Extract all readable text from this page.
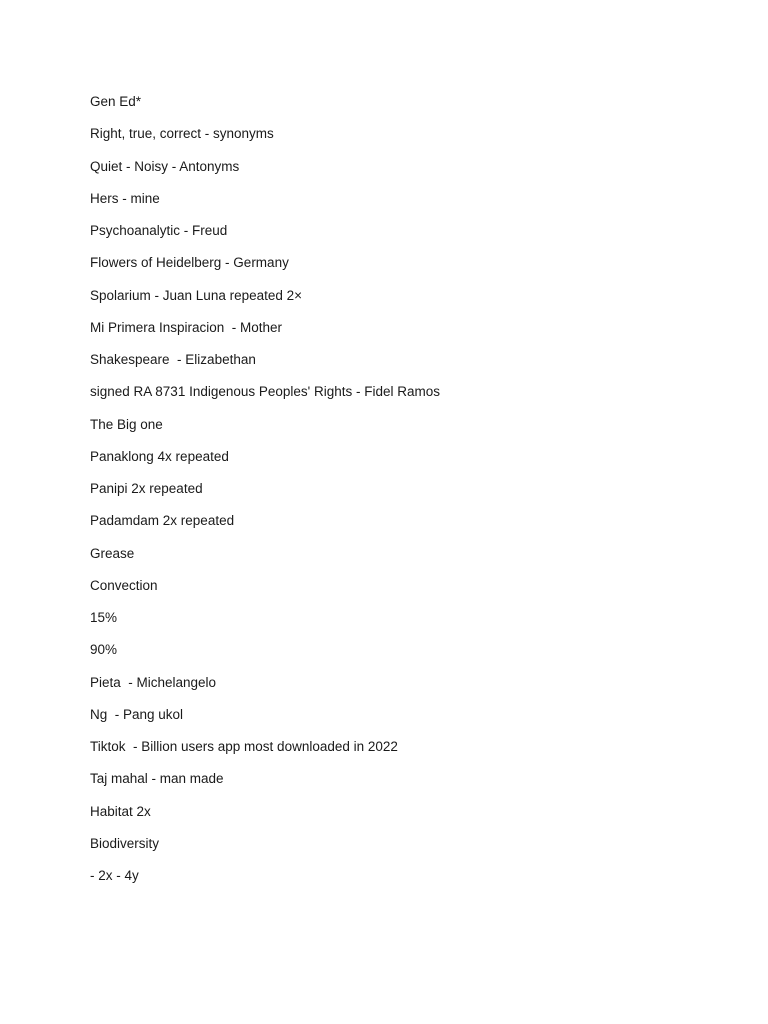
Gen Ed*
Right, true, correct - synonyms
Quiet - Noisy - Antonyms
Hers - mine
Psychoanalytic - Freud
Flowers of Heidelberg - Germany
Spolarium - Juan Luna repeated 2×
Mi Primera Inspiracion  - Mother
Shakespeare  - Elizabethan
signed RA 8731 Indigenous Peoples' Rights - Fidel Ramos
The Big one
Panaklong 4x repeated
Panipi 2x repeated
Padamdam 2x repeated
Grease
Convection
15%
90%
Pieta  - Michelangelo
Ng  - Pang ukol
Tiktok  - Billion users app most downloaded in 2022
Taj mahal - man made
Habitat 2x
Biodiversity
- 2x - 4y
